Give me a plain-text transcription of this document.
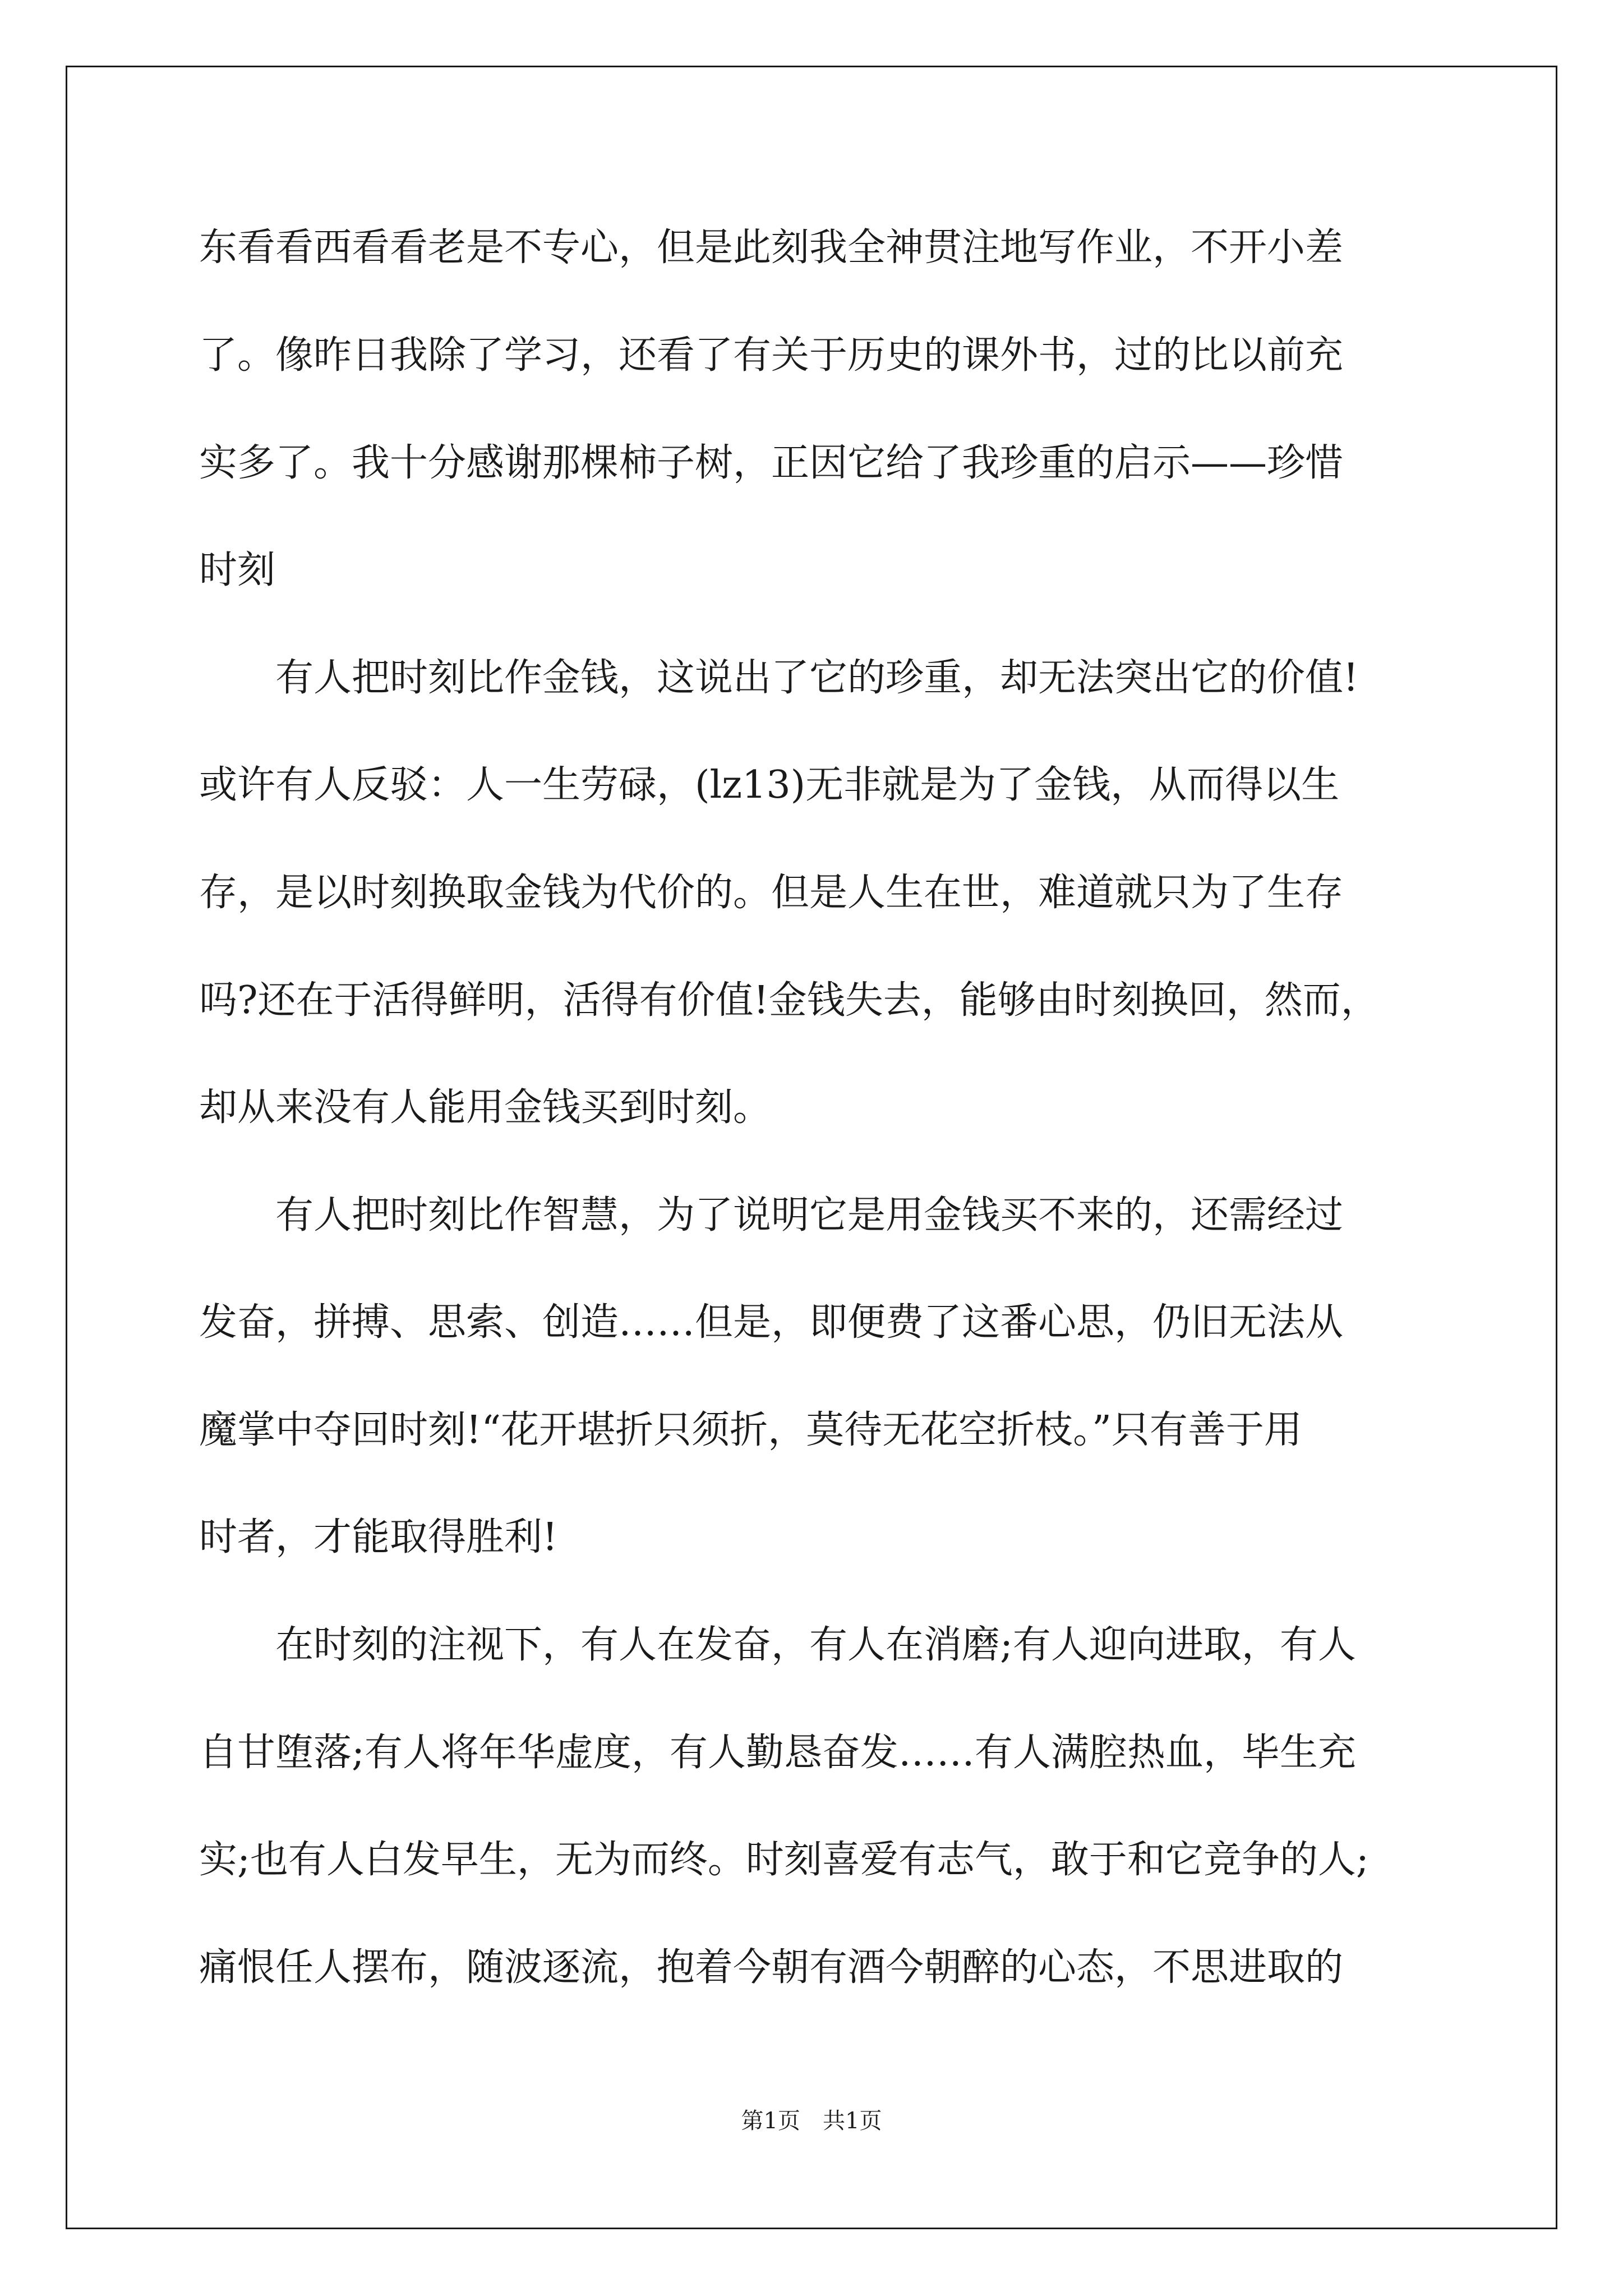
东看看西看看老是不专心，但是此刻我全神贯注地写作业，不开小差
了。像昨日我除了学习，还看了有关于历史的课外书，过的比以前充
实多了。我十分感谢那棵柿子树，正因它给了我珍重的启示——珍惜
时刻
有人把时刻比作金钱，这说出了它的珍重，却无法突出它的价值!
或许有人反驳：人一生劳碌，(lz13)无非就是为了金钱，从而得以生
存，是以时刻换取金钱为代价的。但是人生在世，难道就只为了生存
吗?还在于活得鲜明，活得有价值!金钱失去，能够由时刻换回，然而，
却从来没有人能用金钱买到时刻。
有人把时刻比作智慧，为了说明它是用金钱买不来的，还需经过
发奋，拼搏、思索、创造……但是，即便费了这番心思，仍旧无法从
魔掌中夺回时刻!“花开堪折只须折，莫待无花空折枝。”只有善于用
时者，才能取得胜利!
在时刻的注视下，有人在发奋，有人在消磨;有人迎向进取，有人
自甘堕落;有人将年华虚度，有人勤恳奋发……有人满腔热血，毕生充
实;也有人白发早生，无为而终。时刻喜爱有志气，敢于和它竞争的人;
痛恨任人摆布，随波逐流，抱着今朝有酒今朝醉的心态，不思进取的
第1页　共1页
